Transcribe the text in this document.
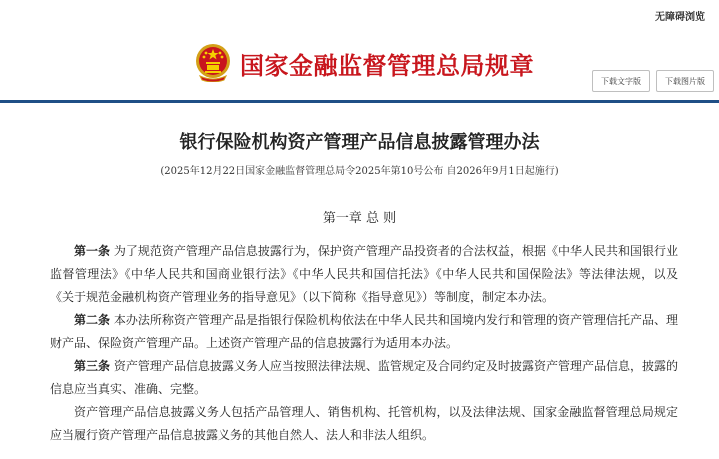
无障碍浏览
国家金融监督管理总局规章
下载文字版	下载图片版
银行保险机构资产管理产品信息披露管理办法
(2025年12月22日国家金融监督管理总局令2025年第10号公布 自2026年9月1日起施行)
第一章 总 则

第一条 为了规范资产管理产品信息披露行为，保护资产管理产品投资者的合法权益，根据《中华人民共和国银行业监督管理法》《中华人民共和国商业银行法》《中华人民共和国信托法》《中华人民共和国保险法》等法律法规，以及《关于规范金融机构资产管理业务的指导意见》（以下简称《指导意见》）等制度，制定本办法。

第二条 本办法所称资产管理产品是指银行保险机构依法在中华人民共和国境内发行和管理的资产管理信托产品、理财产品、保险资产管理产品。上述资产管理产品的信息披露行为适用本办法。

第三条 资产管理产品信息披露义务人应当按照法律法规、监管规定及合同约定及时披露资产管理产品信息，披露的信息应当真实、准确、完整。

资产管理产品信息披露义务人包括产品管理人、销售机构、托管机构，以及法律法规、国家金融监督管理总局规定应当履行资产管理产品信息披露义务的其他自然人、法人和非法人组织。
